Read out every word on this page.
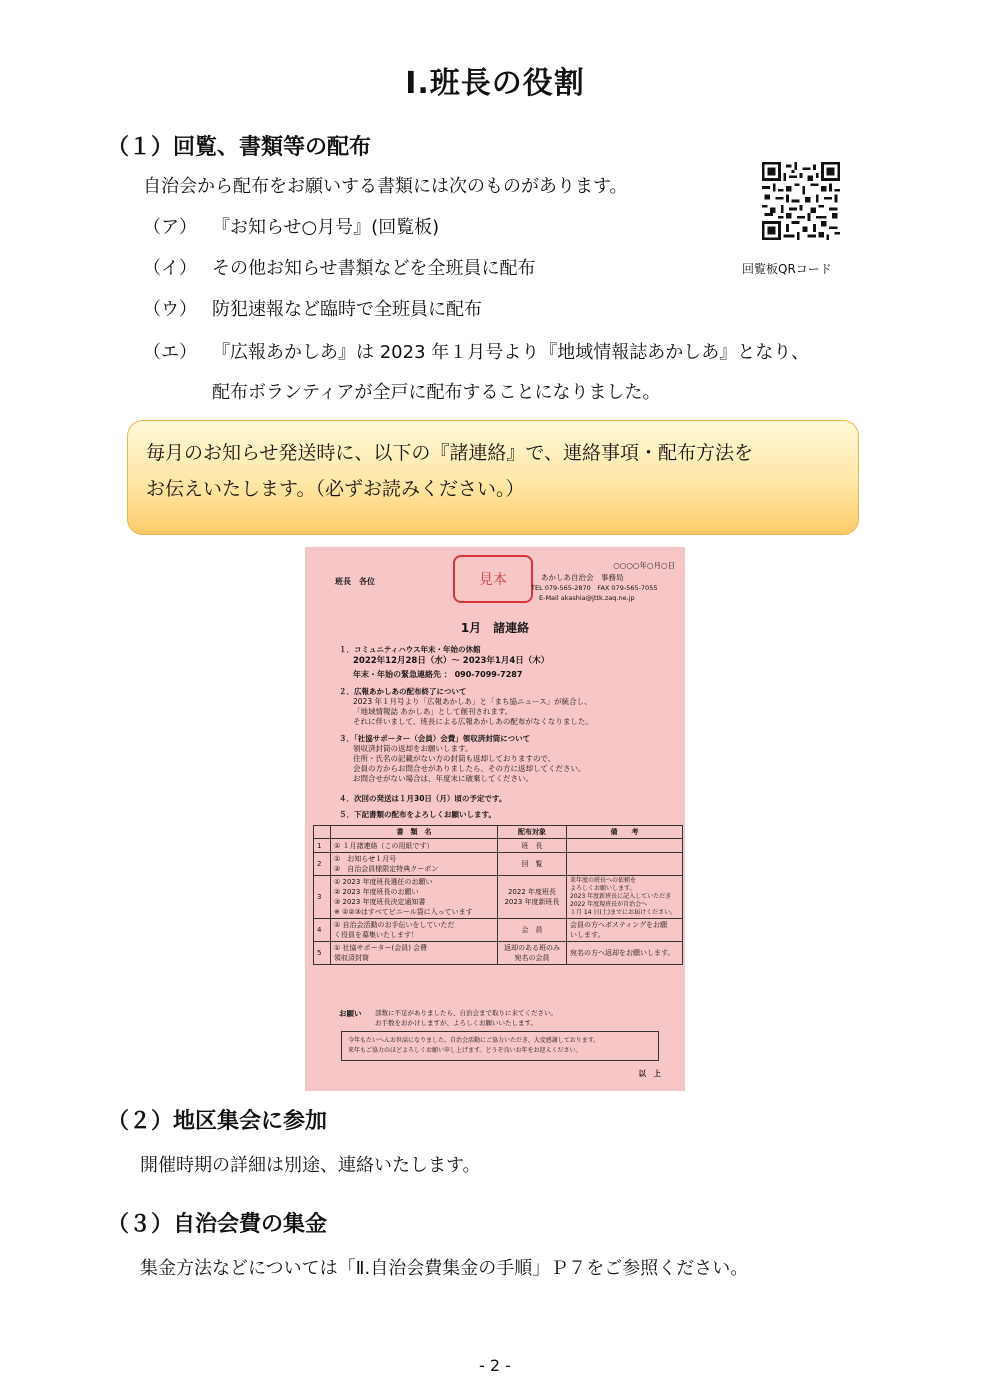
Ⅰ.班長の役割
（１）回覧、書類等の配布
自治会から配布をお願いする書類には次のものがあります。
（ア） 『お知らせ○月号』(回覧板)
（イ） その他お知らせ書類などを全班員に配布
（ウ） 防犯速報など臨時で全班員に配布
（エ） 『広報あかしあ』は 2023 年１月号より『地域情報誌あかしあ』となり、
配布ボランティアが全戸に配布することになりました。
回覧板QRコード
毎月のお知らせ発送時に、以下の『諸連絡』で、連絡事項・配布方法を
お伝えいたします。（必ずお読みください。）
○○○○年○月○日
班長　各位	見本	あかしあ自治会　事務局
TEL 079-565-2870　FAX 079-565-7055
E-Mail akashia@jttk.zaq.ne.jp
1月　諸連絡
１．コミュニティハウス年末・年始の休館
2022年12月28日（水）～ 2023年1月4日（木）
年末・年始の緊急連絡先 ： 090-7099-7287
２．広報あかしあの配布終了について
2023 年１月号より「広報あかしあ」と「まち協ニュース」が統合し、
「地域情報誌 あかしあ」として創刊されます。
それに伴いまして、班長による広報あかしあの配布がなくなりました。
３．「社協サポーター（会員）会費」領収済封筒について
領収済封筒の返却をお願いします。
住所・氏名の記載がない方の封筒も返却しておりますので、
会員の方からお問合せがありましたら、その方に返却してください。
お問合せがない場合は、年度末に破棄してください。
４．次回の発送は１月30日（月）頃の予定です。
５．下記書類の配布をよろしくお願いします。
	書　類　名	配布対象	備　　考
1	① １月諸連絡（この用紙です）	班　長	
2	①　お知らせ１月号
②　自治会員様限定特典クーポン	回　覧	
3	① 2023 年度班長選任のお願い
② 2023 年度班長のお願い
③ 2023 年度班長決定通知書
※ ①②③はすべてビニール袋に入っています	2022 年度班長
2023 年度新班長	来年度の班長への依頼を
よろしくお願いします。
2023 年度新班長に記入していただき
2022 年度現班長が自治会へ
１月 14 日(土)までにお届けください。
4	① 自治会活動のお手伝いをしていただ
く役員を募集いたします！	会　員	会員の方へポスティングをお願
いします。
5	① 社協サポーター(会員) 会費
領収済封筒	返却のある班のみ
宛名の会員	宛名の方へ返却をお願いします。
お願い 部数に不足がありましたら、自治会まで取りに来てください。
お手数をおかけしますが、よろしくお願いいたします。
今年もたいへんお世話になりました。自治会活動にご協力いただき、大変感謝しております。
来年もご協力のほどよろしくお願い申し上げます。どうぞ良いお年をお迎えください。
以　上
（２）地区集会に参加
開催時期の詳細は別途、連絡いたします。
（３）自治会費の集金
集金方法などについては「Ⅱ.自治会費集金の手順」Ｐ７をご参照ください。
- 2 -
